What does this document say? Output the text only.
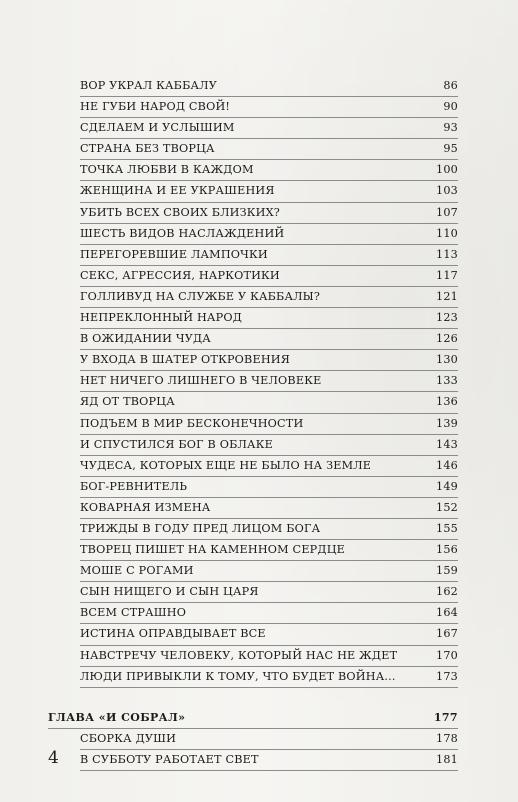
ВОР УКРАЛ КАББАЛУ	86
НЕ ГУБИ НАРОД СВОЙ!	90
СДЕЛАЕМ И УСЛЫШИМ	93
СТРАНА БЕЗ ТВОРЦА	95
ТОЧКА ЛЮБВИ В КАЖДОМ	100
ЖЕНЩИНА И ЕЕ УКРАШЕНИЯ	103
УБИТЬ ВСЕХ СВОИХ БЛИЗКИХ?	107
ШЕСТЬ ВИДОВ НАСЛАЖДЕНИЙ	110
ПЕРЕГОРЕВШИЕ ЛАМПОЧКИ	113
СЕКС, АГРЕССИЯ, НАРКОТИКИ	117
ГОЛЛИВУД НА СЛУЖБЕ У КАББАЛЫ?	121
НЕПРЕКЛОННЫЙ НАРОД	123
В ОЖИДАНИИ ЧУДА	126
У ВХОДА В ШАТЕР ОТКРОВЕНИЯ	130
НЕТ НИЧЕГО ЛИШНЕГО В ЧЕЛОВЕКЕ	133
ЯД ОТ ТВОРЦА	136
ПОДЪЕМ В МИР БЕСКОНЕЧНОСТИ	139
И СПУСТИЛСЯ БОГ В ОБЛАКЕ	143
ЧУДЕСА, КОТОРЫХ ЕЩЕ НЕ БЫЛО НА ЗЕМЛЕ	146
БОГ-РЕВНИТЕЛЬ	149
КОВАРНАЯ ИЗМЕНА	152
ТРИЖДЫ В ГОДУ ПРЕД ЛИЦОМ БОГА	155
ТВОРЕЦ ПИШЕТ НА КАМЕННОМ СЕРДЦЕ	156
МОШЕ С РОГАМИ	159
СЫН НИЩЕГО И СЫН ЦАРЯ	162
ВСЕМ СТРАШНО	164
ИСТИНА ОПРАВДЫВАЕТ ВСЕ	167
НАВСТРЕЧУ ЧЕЛОВЕКУ, КОТОРЫЙ НАС НЕ ЖДЕТ	170
ЛЮДИ ПРИВЫКЛИ К ТОМУ, ЧТО БУДЕТ ВОЙНА...	173
ГЛАВА «И СОБРАЛ»	177
СБОРКА ДУШИ	178
В СУББОТУ РАБОТАЕТ СВЕТ	181
4
